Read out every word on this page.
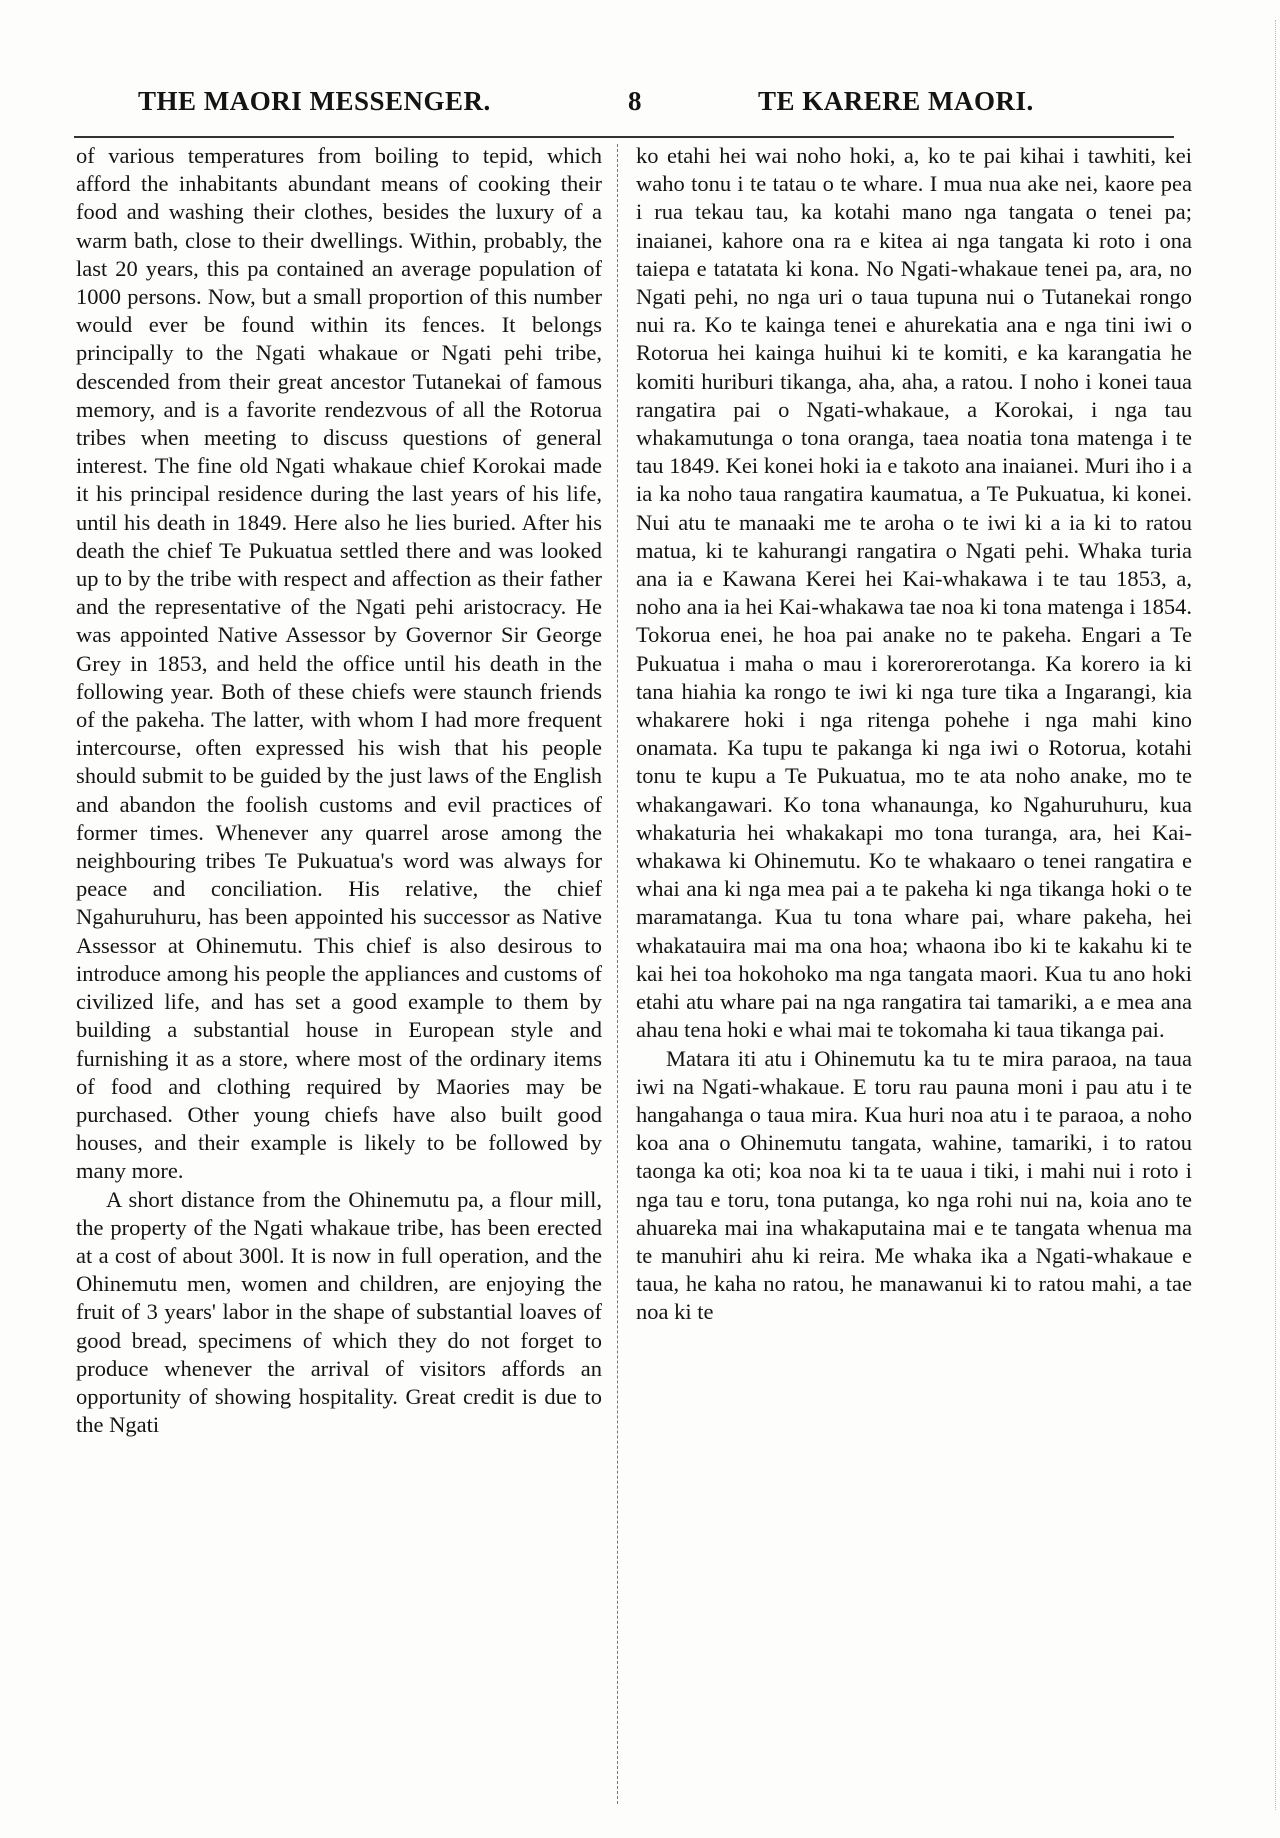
THE MAORI MESSENGER.	8	TE KARERE MAORI.

of various temperatures from boiling to tepid, which afford the inhabitants abundant means of cooking their food and washing their clothes, besides the luxury of a warm bath, close to their dwellings. Within, probably, the last 20 years, this pa contained an average population of 1000 persons. Now, but a small proportion of this number would ever be found within its fences. It belongs principally to the Ngati whakaue or Ngati pehi tribe, descended from their great ancestor Tutanekai of famous memory, and is a favorite rendezvous of all the Rotorua tribes when meeting to discuss questions of general interest. The fine old Ngati whakaue chief Korokai made it his principal residence during the last years of his life, until his death in 1849. Here also he lies buried. After his death the chief Te Pukuatua settled there and was looked up to by the tribe with respect and affection as their father and the representative of the Ngati pehi aristocracy. He was appointed Native Assessor by Governor Sir George Grey in 1853, and held the office until his death in the following year. Both of these chiefs were staunch friends of the pakeha. The latter, with whom I had more frequent intercourse, often expressed his wish that his people should submit to be guided by the just laws of the English and abandon the foolish customs and evil practices of former times. Whenever any quarrel arose among the neighbouring tribes Te Pukuatua's word was always for peace and conciliation. His relative, the chief Ngahuruhuru, has been appointed his successor as Native Assessor at Ohinemutu. This chief is also desirous to introduce among his people the appliances and customs of civilized life, and has set a good example to them by building a substantial house in European style and furnishing it as a store, where most of the ordinary items of food and clothing required by Maories may be purchased. Other young chiefs have also built good houses, and their example is likely to be followed by many more.

A short distance from the Ohinemutu pa, a flour mill, the property of the Ngati whakaue tribe, has been erected at a cost of about 300l. It is now in full operation, and the Ohinemutu men, women and children, are enjoying the fruit of 3 years' labor in the shape of substantial loaves of good bread, specimens of which they do not forget to produce whenever the arrival of visitors affords an opportunity of showing hospitality. Great credit is due to the Ngati

ko etahi hei wai noho hoki, a, ko te pai kihai i tawhiti, kei waho tonu i te tatau o te whare. I mua nua ake nei, kaore pea i rua tekau tau, ka kotahi mano nga tangata o tenei pa; inaianei, kahore ona ra e kitea ai nga tangata ki roto i ona taiepa e tatatata ki kona. No Ngati-whakaue tenei pa, ara, no Ngati pehi, no nga uri o taua tupuna nui o Tutanekai rongo nui ra. Ko te kainga tenei e ahurekatia ana e nga tini iwi o Rotorua hei kainga huihui ki te komiti, e ka karangatia he komiti huriburi tikanga, aha, aha, a ratou. I noho i konei taua rangatira pai o Ngati-whakaue, a Korokai, i nga tau whakamutunga o tona oranga, taea noatia tona matenga i te tau 1849. Kei konei hoki ia e takoto ana inaianei. Muri iho i a ia ka noho taua rangatira kaumatua, a Te Pukuatua, ki konei. Nui atu te manaaki me te aroha o te iwi ki a ia ki to ratou matua, ki te kahurangi rangatira o Ngati pehi. Whaka turia ana ia e Kawana Kerei hei Kai-whakawa i te tau 1853, a, noho ana ia hei Kai-whakawa tae noa ki tona matenga i 1854. Tokorua enei, he hoa pai anake no te pakeha. Engari a Te Pukuatua i maha o mau i korerorerotanga. Ka korero ia ki tana hiahia ka rongo te iwi ki nga ture tika a Ingarangi, kia whakarere hoki i nga ritenga pohehe i nga mahi kino onamata. Ka tupu te pakanga ki nga iwi o Rotorua, kotahi tonu te kupu a Te Pukuatua, mo te ata noho anake, mo te whakangawari. Ko tona whanaunga, ko Ngahuruhuru, kua whakaturia hei whakakapi mo tona turanga, ara, hei Kai-whakawa ki Ohinemutu. Ko te whakaaro o tenei rangatira e whai ana ki nga mea pai a te pakeha ki nga tikanga hoki o te maramatanga. Kua tu tona whare pai, whare pakeha, hei whakatauira mai ma ona hoa; whaona ibo ki te kakahu ki te kai hei toa hokohoko ma nga tangata maori. Kua tu ano hoki etahi atu whare pai na nga rangatira tai tamariki, a e mea ana ahau tena hoki e whai mai te tokomaha ki taua tikanga pai.

Matara iti atu i Ohinemutu ka tu te mira paraoa, na taua iwi na Ngati-whakaue. E toru rau pauna moni i pau atu i te hangahanga o taua mira. Kua huri noa atu i te paraoa, a noho koa ana o Ohinemutu tangata, wahine, tamariki, i to ratou taonga ka oti; koa noa ki ta te uaua i tiki, i mahi nui i roto i nga tau e toru, tona putanga, ko nga rohi nui na, koia ano te ahuareka mai ina whakaputaina mai e te tangata whenua ma te manuhiri ahu ki reira. Me whaka ika a Ngati-whakaue e taua, he kaha no ratou, he manawanui ki to ratou mahi, a tae noa ki te
